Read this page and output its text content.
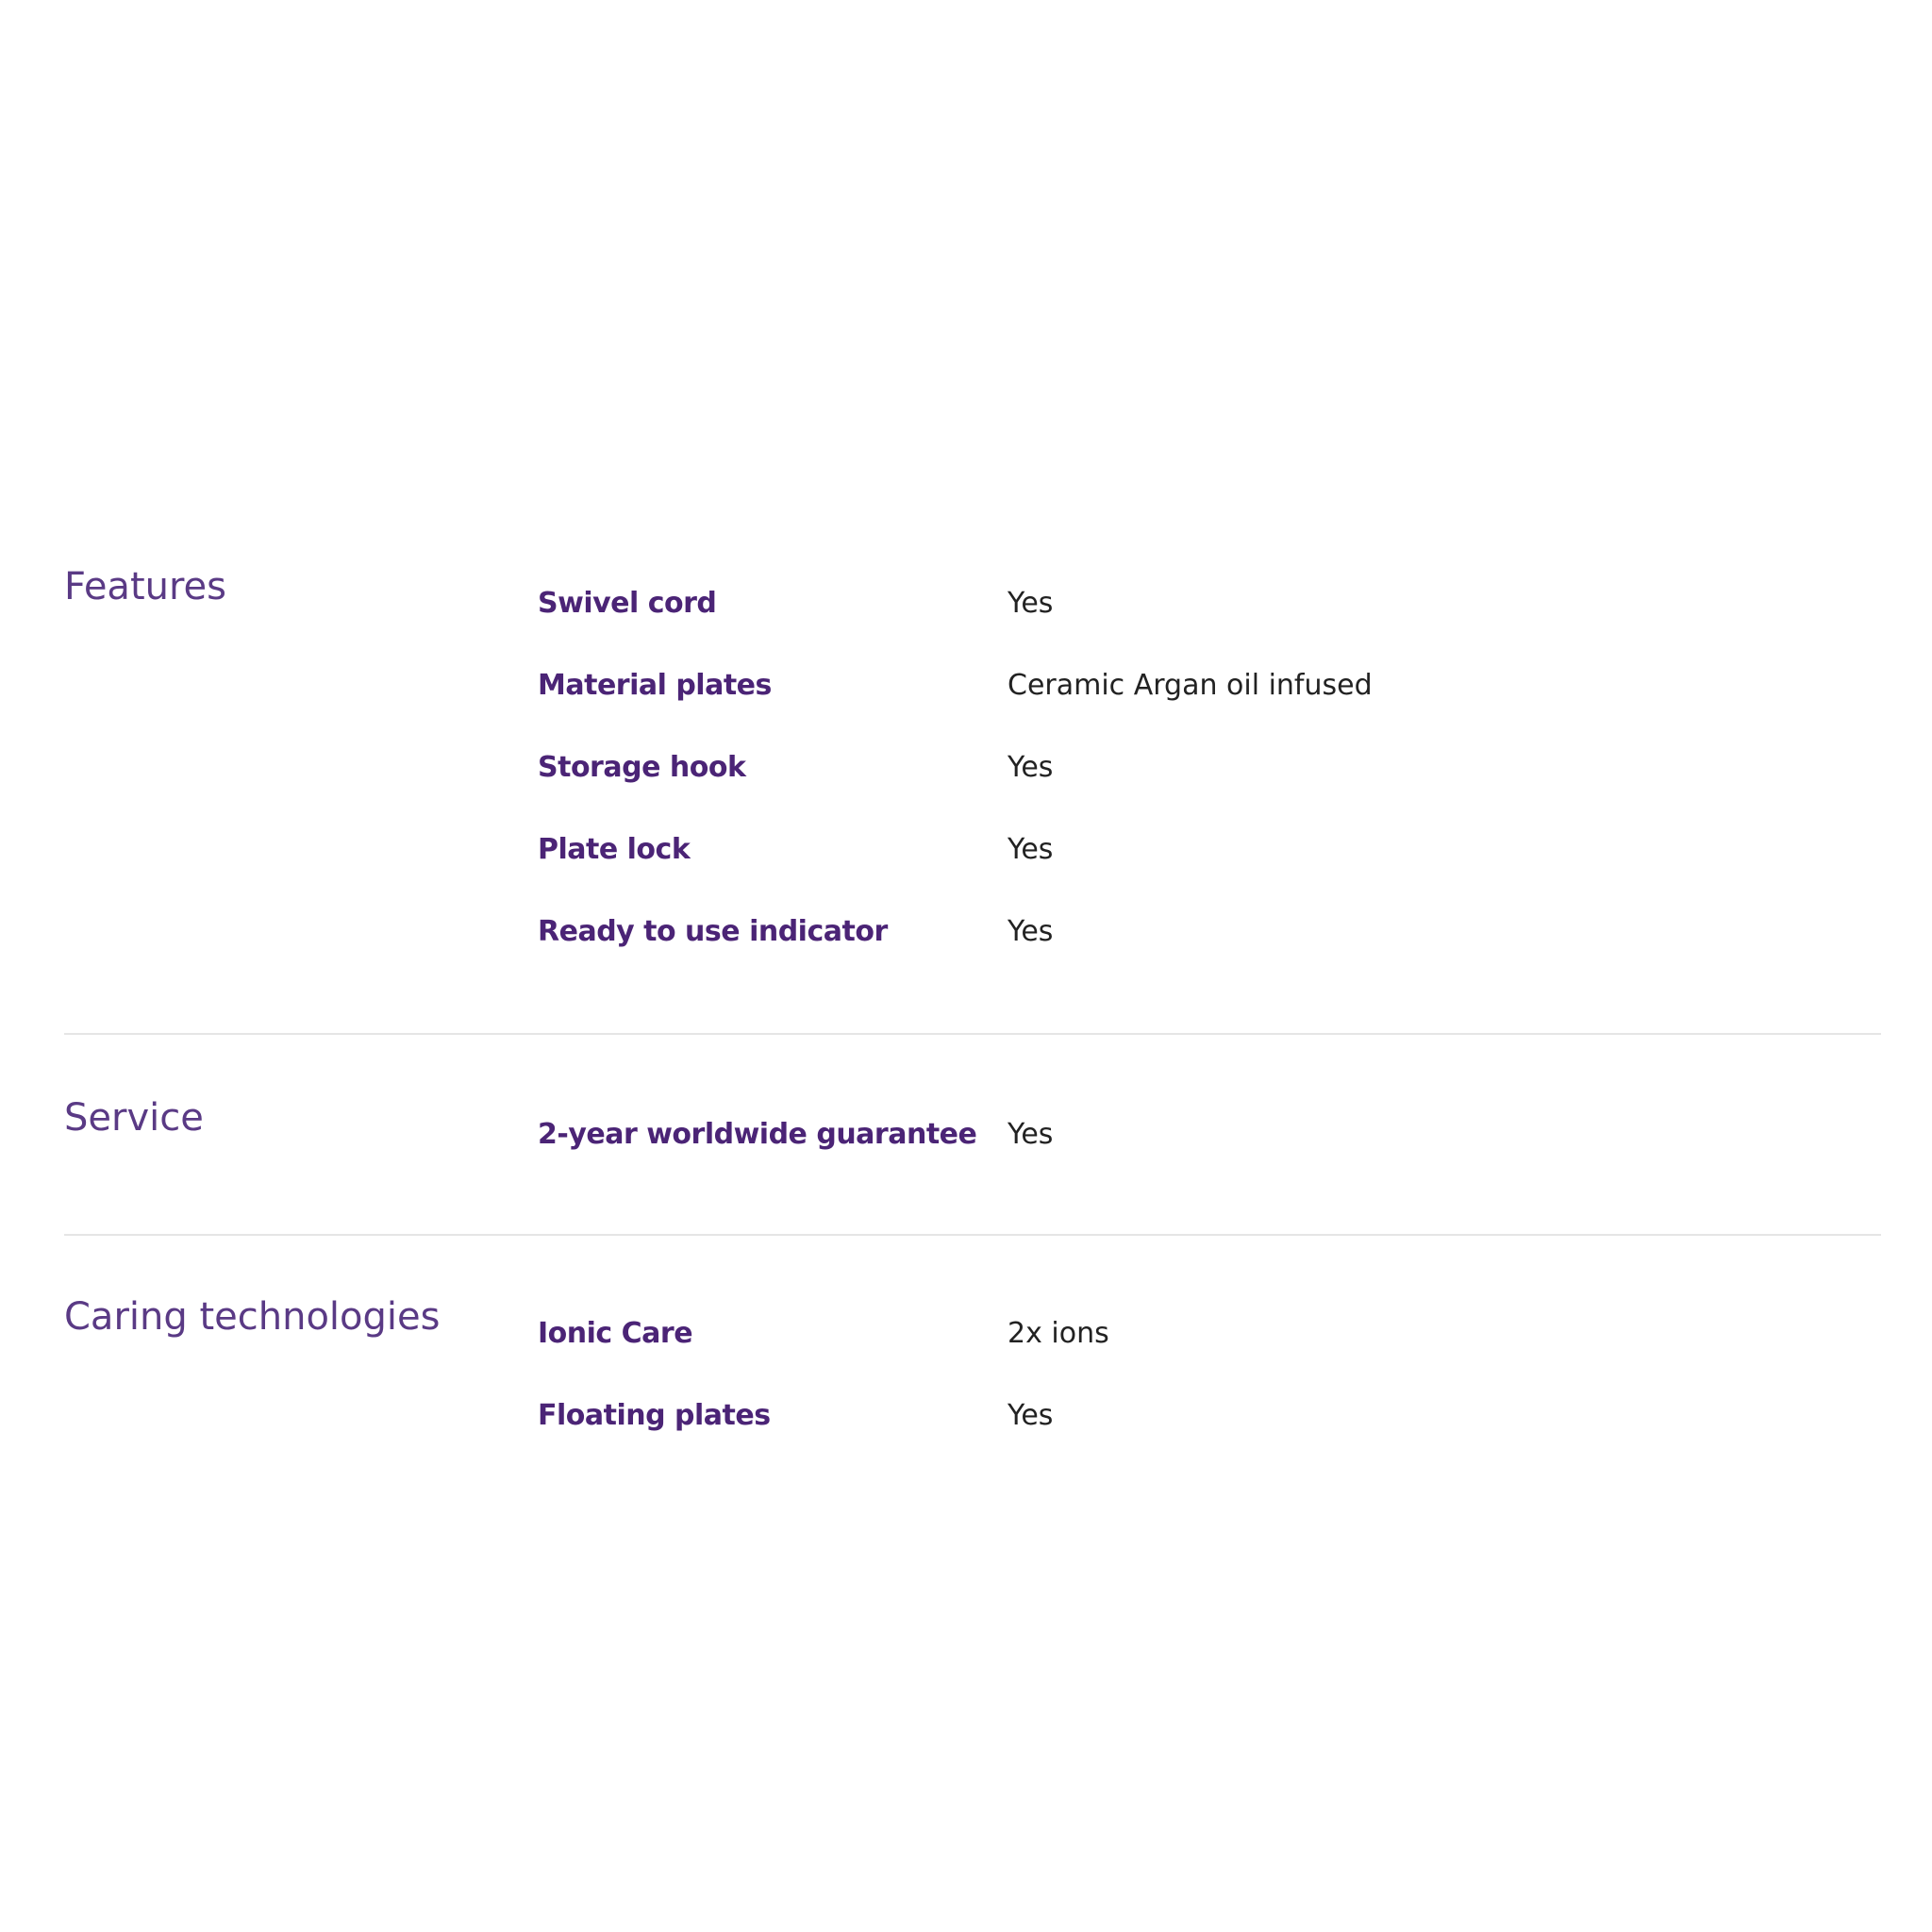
Features	Swivel cord	Yes
Material plates	Ceramic Argan oil infused
Storage hook	Yes
Plate lock	Yes
Ready to use indicator	Yes
Service	2-year worldwide guarantee	Yes
Caring technologies	Ionic Care	2x ions
Floating plates	Yes
